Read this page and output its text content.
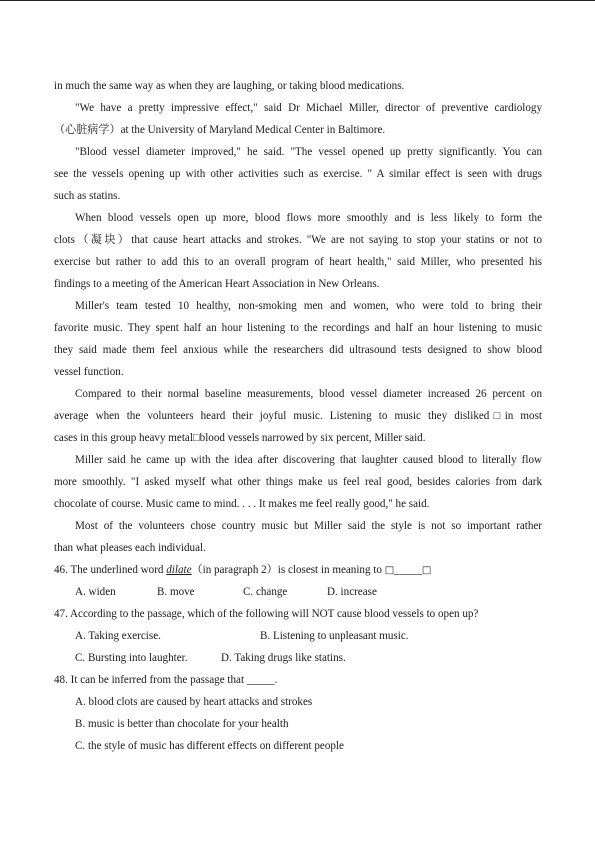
in much the same way as when they are laughing, or taking blood medications.
"We have a pretty impressive effect," said Dr Michael Miller, director of preventive cardiology
（心脏病学）at the University of Maryland Medical Center in Baltimore.
"Blood vessel diameter improved," he said. "The vessel opened up pretty significantly. You can
see the vessels opening up with other activities such as exercise. " A similar effect is seen with drugs
such as statins.
When blood vessels open up more, blood flows more smoothly and is less likely to form the
clots（凝块）that cause heart attacks and strokes. "We are not saying to stop your statins or not to
exercise but rather to add this to an overall program of heart health," said Miller, who presented his
findings to a meeting of the American Heart Association in New Orleans.
Miller's team tested 10 healthy, non-smoking men and women, who were told to bring their
favorite music. They spent half an hour listening to the recordings and half an hour listening to music
they said made them feel anxious while the researchers did ultrasound tests designed to show blood
vessel function.
Compared to their normal baseline measurements, blood vessel diameter increased 26 percent on
average when the volunteers heard their joyful music. Listening to music they disliked□in most
cases in this group heavy metal□blood vessels narrowed by six percent, Miller said.
Miller said he came up with the idea after discovering that laughter caused blood to literally flow
more smoothly. "I asked myself what other things make us feel real good, besides calories from dark
chocolate of course. Music came to mind. . . . It makes me feel really good," he said.
Most of the volunteers chose country music but Miller said the style is not so important rather
than what pleases each individual.
46. The underlined word dilate（in paragraph 2）is closest in meaning to □_____□
A. widen	B. move	C. change	D. increase
47. According to the passage, which of the following will NOT cause blood vessels to open up?
A. Taking exercise.	B. Listening to unpleasant music.
C. Bursting into laughter.	D. Taking drugs like statins.
48. It can be inferred from the passage that _____.
A. blood clots are caused by heart attacks and strokes
B. music is better than chocolate for your health
C. the style of music has different effects on different people
